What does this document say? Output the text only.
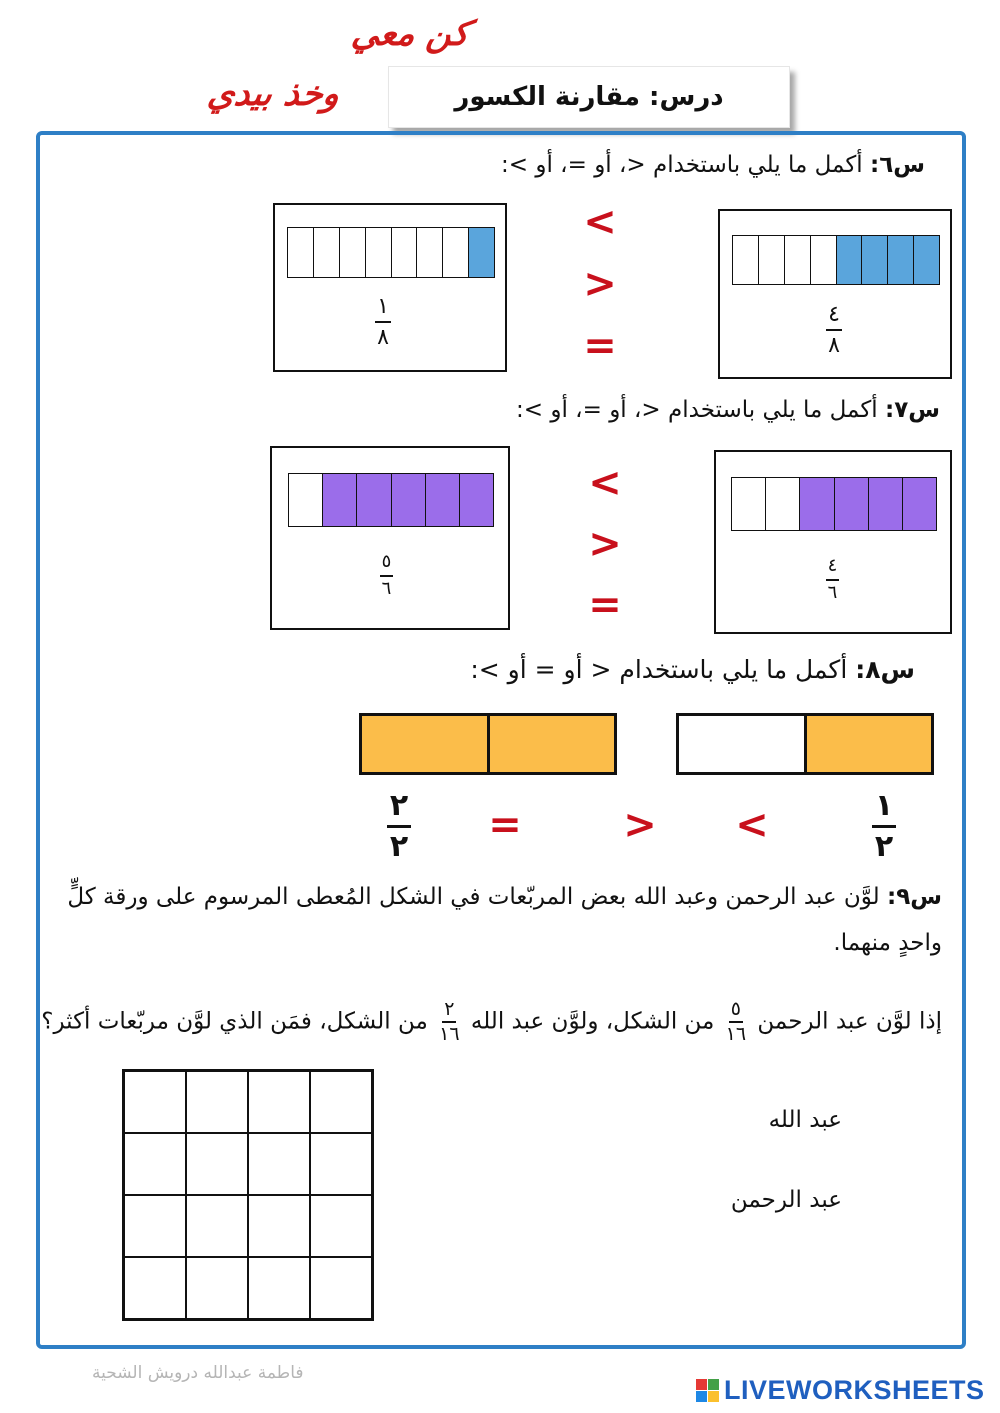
كن معي
وخذ بيدي	درس: مقارنة الكسور
س٦: أكمل ما يلي باستخدام <، أو =، أو >:
١
٨
<
>
=
٤
٨
س٧: أكمل ما يلي باستخدام <، أو =، أو >:
٥
٦
<
>
=
٤
٦
س٨: أكمل ما يلي باستخدام < أو = أو >:
٢
٢ =	> <	١
٢
س٩: لوَّن عبد الرحمن وعبد الله بعض المربّعات في الشكل المُعطى المرسوم على ورقة كلٍّ
واحدٍ منهما.
إذا لوَّن عبد الرحمن
$\frac{٥}{١٦}$
من الشكل، ولوَّن عبد الله
$\frac{٢}{١٦}$
من الشكل، فمَن الذي لوَّن مربّعات أكثر؟
عبد الله
عبد الرحمن
فاطمة عبدالله درويش الشحية
LIVEWORKSHEETS
